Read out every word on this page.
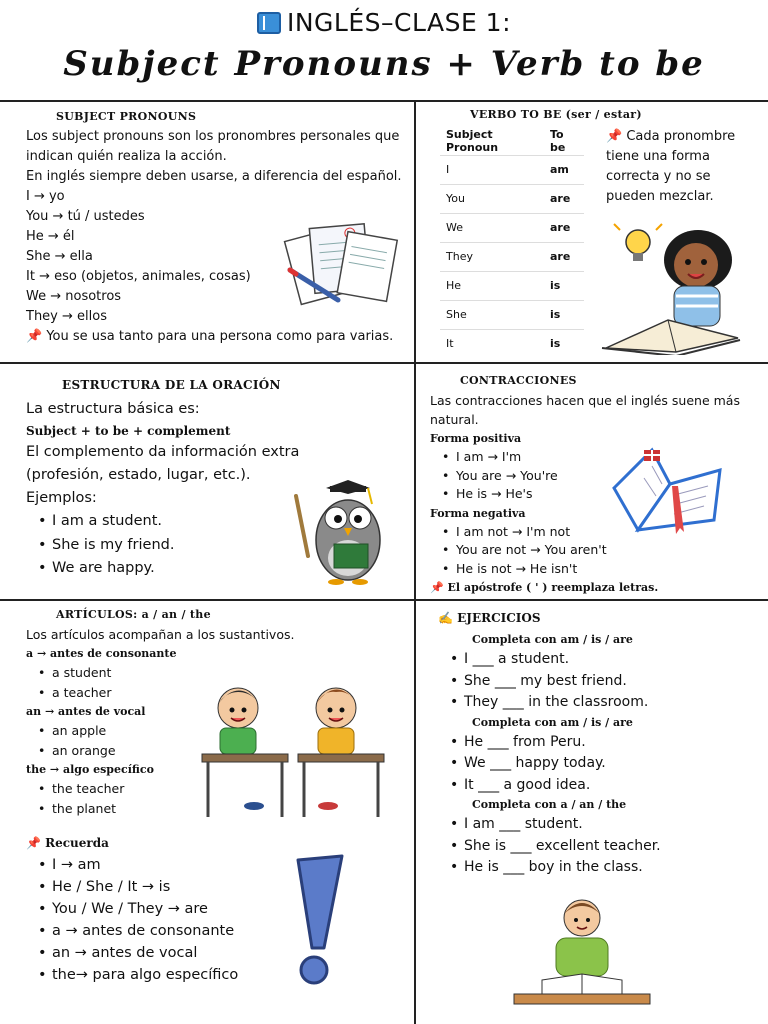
INGLÉS–CLASE 1:
Subject Pronouns + Verb to be
SUBJECT PRONOUNS
Los subject pronouns son los pronombres personales que
indican quién realiza la acción.
En inglés siempre deben usarse, a diferencia del español.
I → yo
You → tú / ustedes
He → él
She → ella
It → eso (objetos, animales, cosas)
We → nosotros
They → ellos
📌 You se usa tanto para una persona como para varias.
VERBO TO BE (ser / estar)
Subject Pronoun	To be
I	am
You	are
We	are
They	are
He	is
She	is
It	is
📌 Cada pronombre
tiene una forma
correcta y no se
pueden mezclar.
ESTRUCTURA DE LA ORACIÓN
La estructura básica es:
Subject + to be + complement
El complemento da información extra
(profesión, estado, lugar, etc.).
Ejemplos:
• I am a student.
• She is my friend.
• We are happy.
CONTRACCIONES
Las contracciones hacen que el inglés suene más
natural.
Forma positiva
• I am → I'm
• You are → You're
• He is → He's
Forma negativa
• I am not → I'm not
• You are not → You aren't
• He is not → He isn't
📌 El apóstrofe ( ' ) reemplaza letras.
ARTÍCULOS: a / an / the
Los artículos acompañan a los sustantivos.
a → antes de consonante
• a student
• a teacher
an → antes de vocal
• an apple
• an orange
the → algo específico
• the teacher
• the planet
📌 Recuerda
• I → am
• He / She / It → is
• You / We / They → are
• a → antes de consonante
• an → antes de vocal
• the→ para algo específico
✍ EJERCICIOS
Completa con am / is / are
• I ___ a student.
• She ___ my best friend.
• They ___ in the classroom.
Completa con am / is / are
• He ___ from Peru.
• We ___ happy today.
• It ___ a good idea.
Completa con a / an / the
• I am ___ student.
• She is ___ excellent teacher.
• He is ___ boy in the class.
